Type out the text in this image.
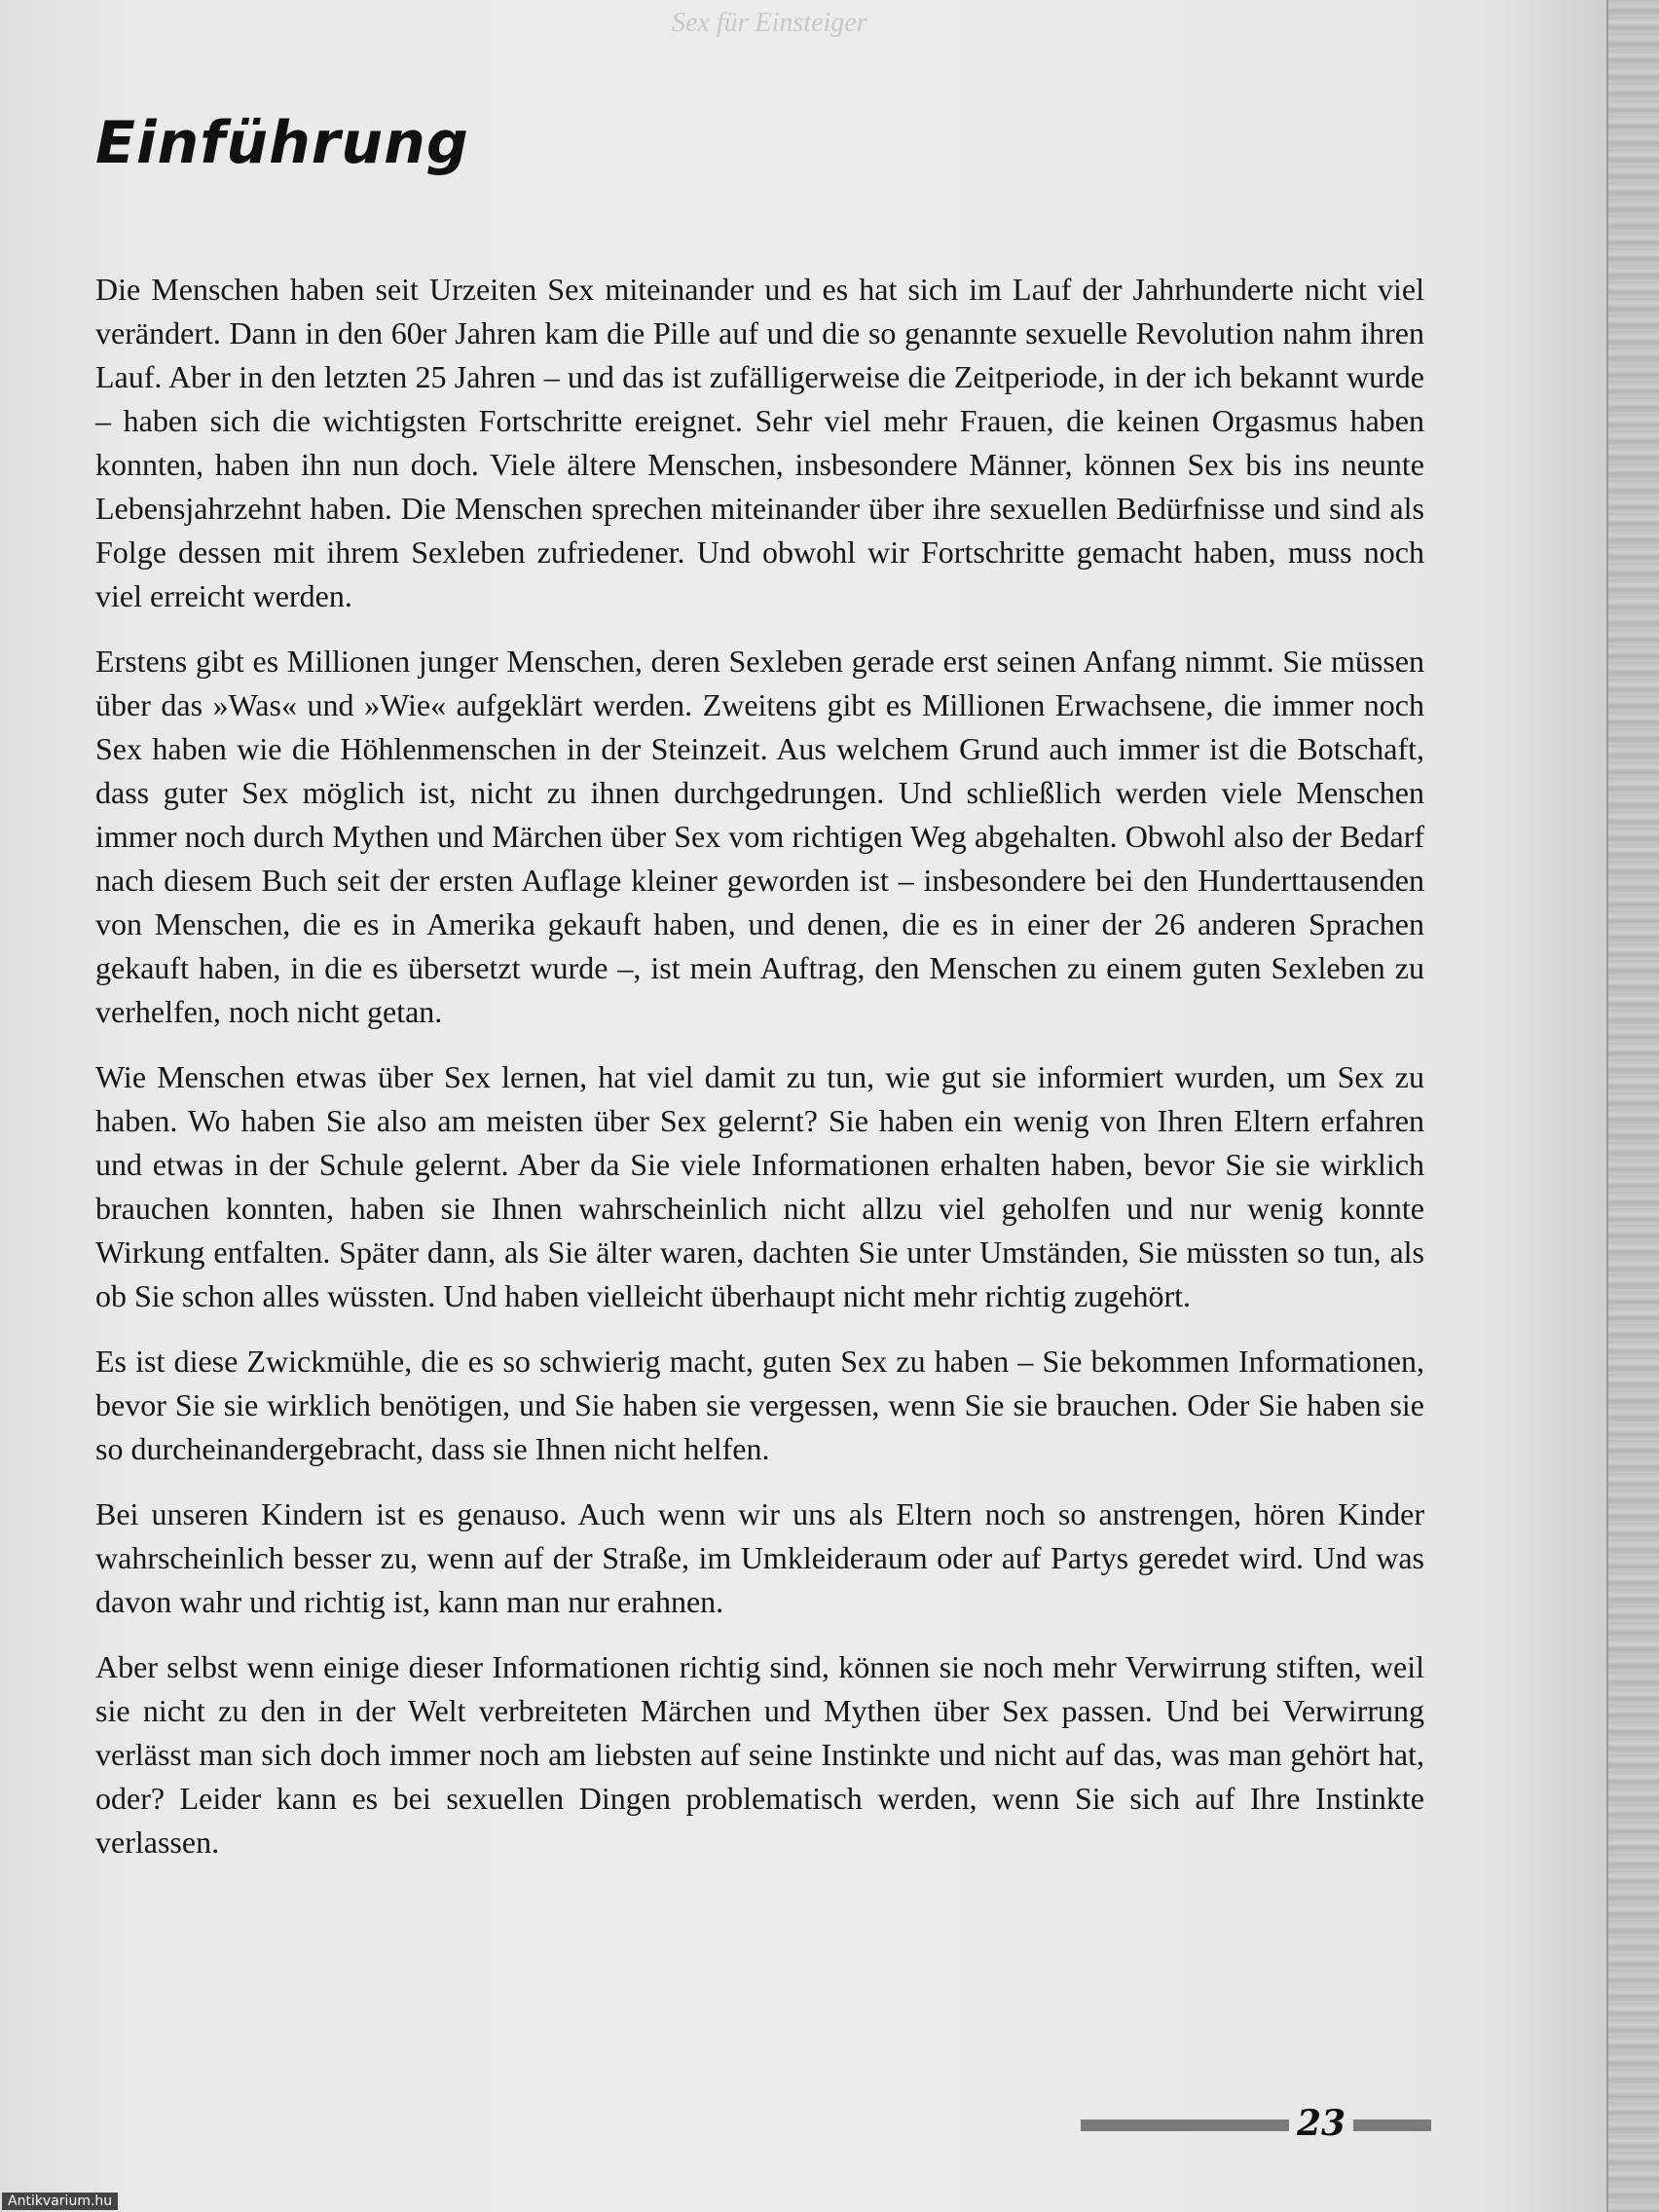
Sex für Einsteiger
Einführung

Die Menschen haben seit Urzeiten Sex miteinander und es hat sich im Lauf der Jahrhunderte nicht viel verändert. Dann in den 60er Jahren kam die Pille auf und die so genannte sexuelle Revolution nahm ihren Lauf. Aber in den letzten 25 Jahren – und das ist zufälligerweise die Zeitperiode, in der ich bekannt wurde – haben sich die wichtigsten Fortschritte ereignet. Sehr viel mehr Frauen, die keinen Orgasmus haben konnten, haben ihn nun doch. Viele ältere Menschen, insbesondere Männer, können Sex bis ins neunte Lebensjahrzehnt haben. Die Menschen sprechen miteinander über ihre sexuellen Bedürfnisse und sind als Folge dessen mit ihrem Sexleben zufriedener. Und obwohl wir Fortschritte gemacht haben, muss noch viel erreicht werden.

Erstens gibt es Millionen junger Menschen, deren Sexleben gerade erst seinen Anfang nimmt. Sie müssen über das »Was« und »Wie« aufgeklärt werden. Zweitens gibt es Millionen Erwachsene, die immer noch Sex haben wie die Höhlenmenschen in der Steinzeit. Aus welchem Grund auch immer ist die Botschaft, dass guter Sex möglich ist, nicht zu ihnen durchgedrungen. Und schließlich werden viele Menschen immer noch durch Mythen und Märchen über Sex vom richtigen Weg abgehalten. Obwohl also der Bedarf nach diesem Buch seit der ersten Auflage kleiner geworden ist – insbesondere bei den Hunderttausenden von Menschen, die es in Amerika gekauft haben, und denen, die es in einer der 26 anderen Sprachen gekauft haben, in die es übersetzt wurde –, ist mein Auftrag, den Menschen zu einem guten Sexleben zu verhelfen, noch nicht getan.

Wie Menschen etwas über Sex lernen, hat viel damit zu tun, wie gut sie informiert wurden, um Sex zu haben. Wo haben Sie also am meisten über Sex gelernt? Sie haben ein wenig von Ihren Eltern erfahren und etwas in der Schule gelernt. Aber da Sie viele Informationen erhalten haben, bevor Sie sie wirklich brauchen konnten, haben sie Ihnen wahrscheinlich nicht allzu viel geholfen und nur wenig konnte Wirkung entfalten. Später dann, als Sie älter waren, dachten Sie unter Umständen, Sie müssten so tun, als ob Sie schon alles wüssten. Und haben vielleicht überhaupt nicht mehr richtig zugehört.

Es ist diese Zwickmühle, die es so schwierig macht, guten Sex zu haben – Sie bekommen Informationen, bevor Sie sie wirklich benötigen, und Sie haben sie vergessen, wenn Sie sie brauchen. Oder Sie haben sie so durcheinandergebracht, dass sie Ihnen nicht helfen.

Bei unseren Kindern ist es genauso. Auch wenn wir uns als Eltern noch so anstrengen, hören Kinder wahrscheinlich besser zu, wenn auf der Straße, im Umkleideraum oder auf Partys geredet wird. Und was davon wahr und richtig ist, kann man nur erahnen.

Aber selbst wenn einige dieser Informationen richtig sind, können sie noch mehr Verwirrung stiften, weil sie nicht zu den in der Welt verbreiteten Märchen und Mythen über Sex passen. Und bei Verwirrung verlässt man sich doch immer noch am liebsten auf seine Instinkte und nicht auf das, was man gehört hat, oder? Leider kann es bei sexuellen Dingen problematisch werden, wenn Sie sich auf Ihre Instinkte verlassen.

23
Antikvarium.hu
